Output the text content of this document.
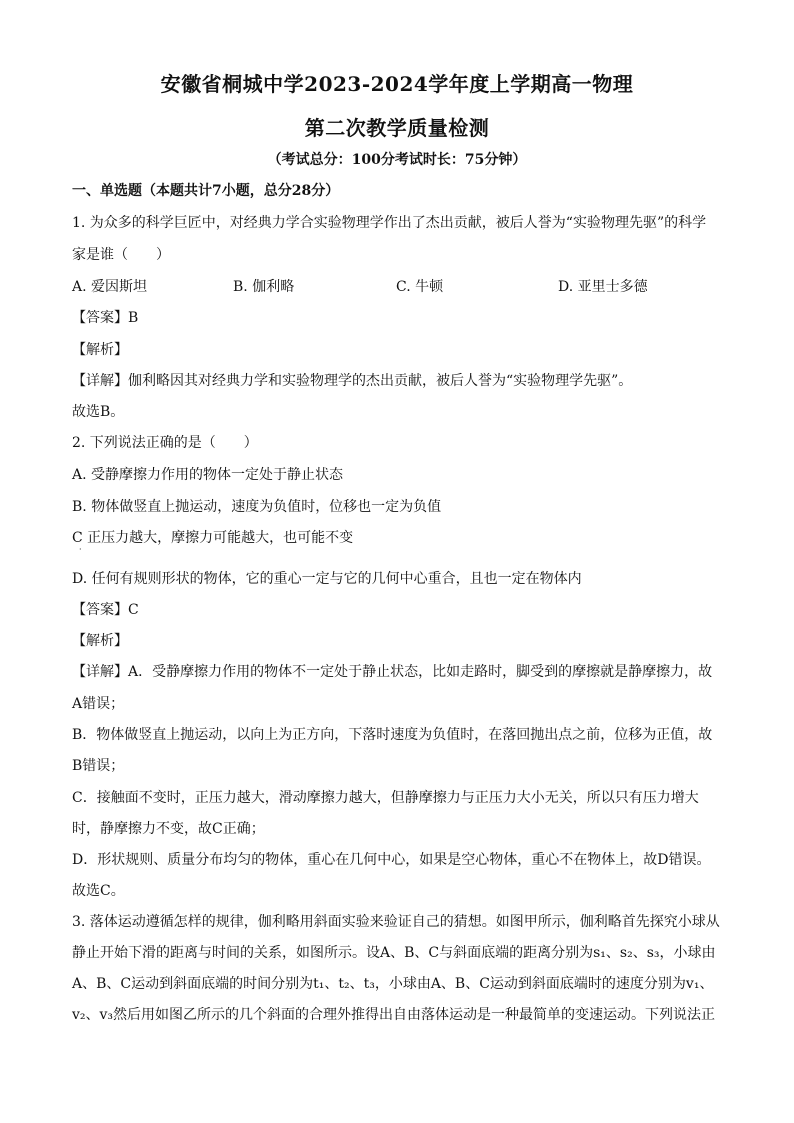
安徽省桐城中学2023-2024学年度上学期高一物理
第二次教学质量检测
（考试总分：100分考试时长：75分钟）
一、单选题（本题共计7小题，总分28分）
1. 为众多的科学巨匠中，对经典力学合实验物理学作出了杰出贡献，被后人誉为“实验物理先驱”的科学
家是谁（　　）
A. 爱因斯坦	B. 伽利略	C. 牛顿	D. 亚里士多德
【答案】B
【解析】
【详解】伽利略因其对经典力学和实验物理学的杰出贡献，被后人誉为“实验物理学先驱”。
故选B。
2. 下列说法正确的是（　　）
A. 受静摩擦力作用的物体一定处于静止状态
B. 物体做竖直上抛运动，速度为负值时，位移也一定为负值
C 正压力越大，摩擦力可能越大，也可能不变
·
D. 任何有规则形状的物体，它的重心一定与它的几何中心重合，且也一定在物体内
【答案】C
【解析】
【详解】A．受静摩擦力作用的物体不一定处于静止状态，比如走路时，脚受到的摩擦就是静摩擦力，故
A错误；
B．物体做竖直上抛运动，以向上为正方向，下落时速度为负值时，在落回抛出点之前，位移为正值，故
B错误；
C．接触面不变时，正压力越大，滑动摩擦力越大，但静摩擦力与正压力大小无关，所以只有压力增大
时，静摩擦力不变，故C正确；
D．形状规则、质量分布均匀的物体，重心在几何中心，如果是空心物体，重心不在物体上，故D错误。
故选C。
3. 落体运动遵循怎样的规律，伽利略用斜面实验来验证自己的猜想。如图甲所示，伽利略首先探究小球从
静止开始下滑的距离与时间的关系，如图所示。设A、B、C与斜面底端的距离分别为s₁、s₂、s₃，小球由
A、B、C运动到斜面底端的时间分别为t₁、t₂、t₃，小球由A、B、C运动到斜面底端时的速度分别为v₁、
v₂、v₃然后用如图乙所示的几个斜面的合理外推得出自由落体运动是一种最简单的变速运动。下列说法正
